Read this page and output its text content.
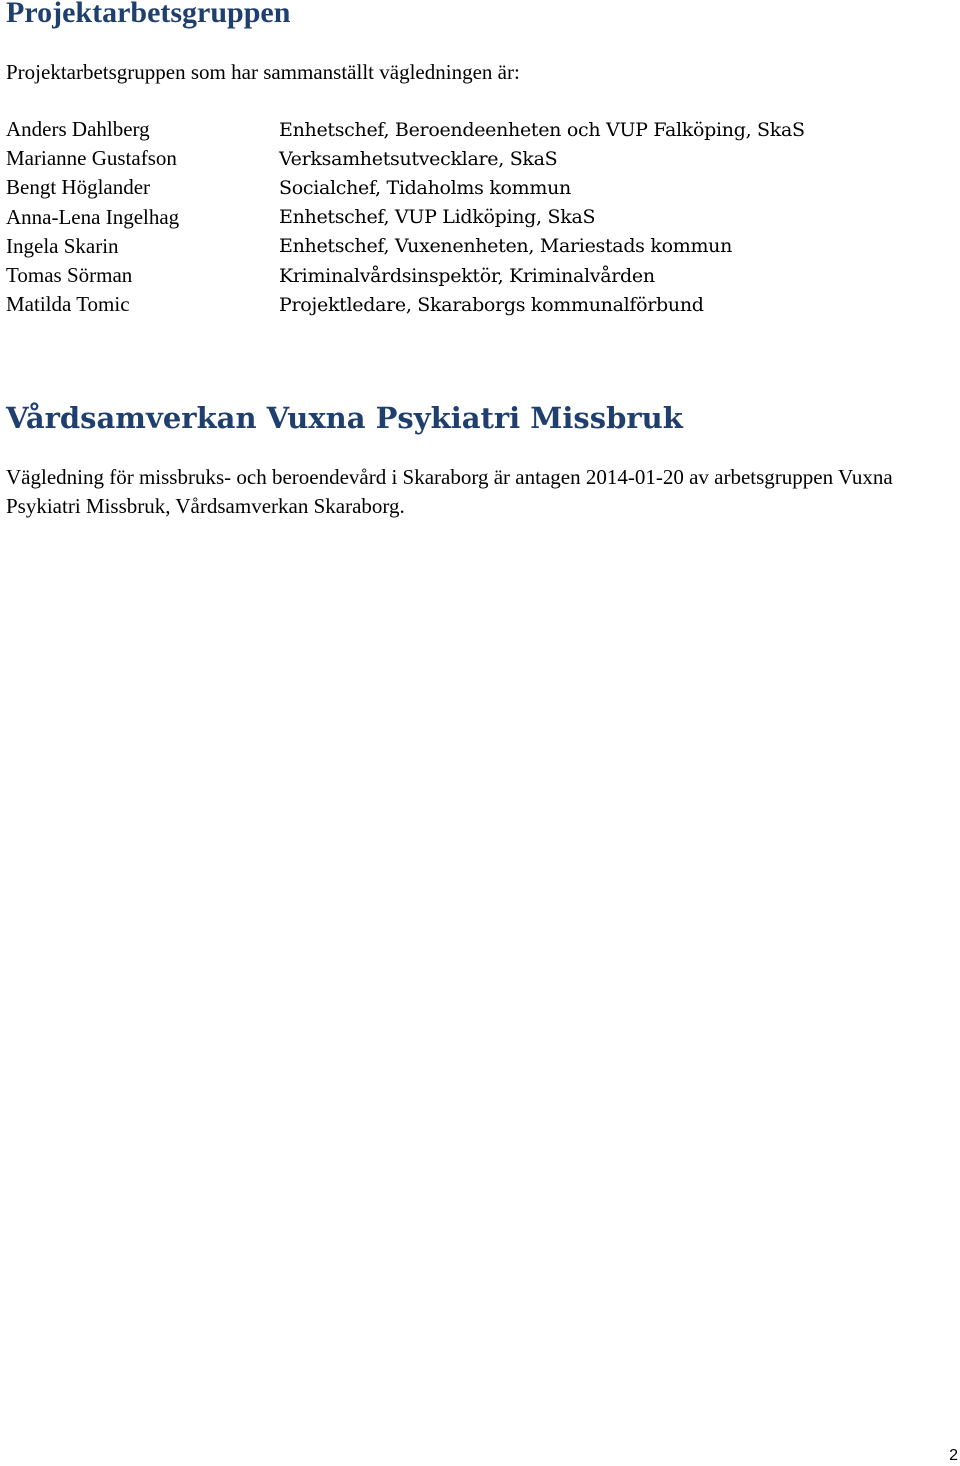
Projektarbetsgruppen

Projektarbetsgruppen som har sammanställt vägledningen är:

Anders Dahlberg	Enhetschef, Beroendeenheten och VUP Falköping, SkaS
Marianne Gustafson	Verksamhetsutvecklare, SkaS
Bengt Höglander	Socialchef, Tidaholms kommun
Anna-Lena Ingelhag	Enhetschef, VUP Lidköping, SkaS
Ingela Skarin	Enhetschef, Vuxenenheten, Mariestads kommun
Tomas Sörman	Kriminalvårdsinspektör, Kriminalvården
Matilda Tomic	Projektledare, Skaraborgs kommunalförbund
Vårdsamverkan Vuxna Psykiatri Missbruk

Vägledning för missbruks- och beroendevård i Skaraborg är antagen 2014-01-20 av arbetsgruppen Vuxna Psykiatri Missbruk, Vårdsamverkan Skaraborg.

2
